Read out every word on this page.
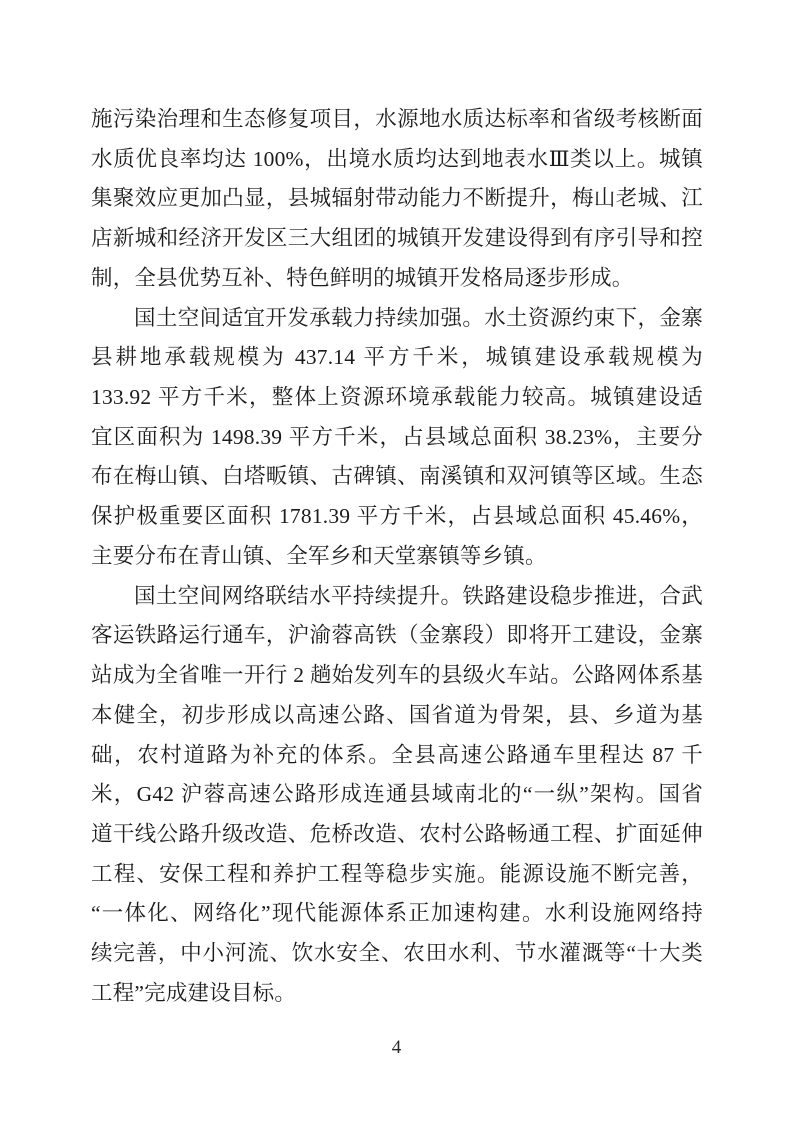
施污染治理和生态修复项目，水源地水质达标率和省级考核断面
水质优良率均达 100%，出境水质均达到地表水Ⅲ类以上。城镇
集聚效应更加凸显，县城辐射带动能力不断提升，梅山老城、江
店新城和经济开发区三大组团的城镇开发建设得到有序引导和控
制，全县优势互补、特色鲜明的城镇开发格局逐步形成。
国土空间适宜开发承载力持续加强。水土资源约束下，金寨
县耕地承载规模为 437.14 平方千米，城镇建设承载规模为
133.92 平方千米，整体上资源环境承载能力较高。城镇建设适
宜区面积为 1498.39 平方千米，占县域总面积 38.23%，主要分
布在梅山镇、白塔畈镇、古碑镇、南溪镇和双河镇等区域。生态
保护极重要区面积 1781.39 平方千米，占县域总面积 45.46%，
主要分布在青山镇、全军乡和天堂寨镇等乡镇。
国土空间网络联结水平持续提升。铁路建设稳步推进，合武
客运铁路运行通车，沪渝蓉高铁（金寨段）即将开工建设，金寨
站成为全省唯一开行 2 趟始发列车的县级火车站。公路网体系基
本健全，初步形成以高速公路、国省道为骨架，县、乡道为基
础，农村道路为补充的体系。全县高速公路通车里程达 87 千
米，G42 沪蓉高速公路形成连通县域南北的“一纵”架构。国省
道干线公路升级改造、危桥改造、农村公路畅通工程、扩面延伸
工程、安保工程和养护工程等稳步实施。能源设施不断完善，
“一体化、网络化”现代能源体系正加速构建。水利设施网络持
续完善，中小河流、饮水安全、农田水利、节水灌溉等“十大类
工程”完成建设目标。
4
